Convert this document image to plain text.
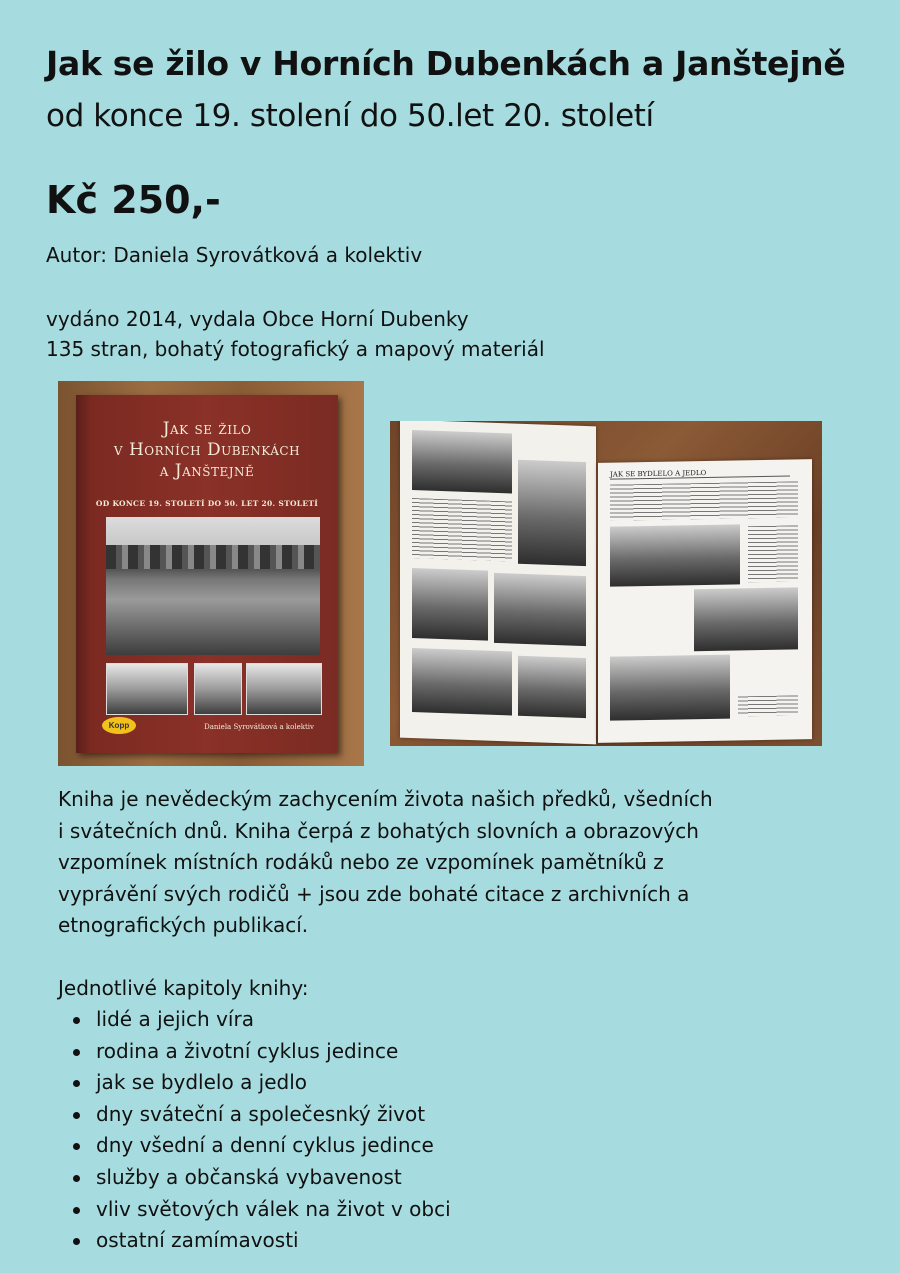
Jak se žilo v Horních Dubenkách a Janštejně

od konce 19. stolení do 50.let 20. století

Kč 250,-

Autor: Daniela Syrovátková a kolektiv

vydáno 2014, vydala Obce Horní Dubenky
135 stran, bohatý fotografický a mapový materiál
Jak se žilo
v Horních Dubenkách
a Janštejně
OD KONCE 19. STOLETÍ DO 50. LET 20. STOLETÍ
Kopp	Daniela Syrovátková a kolektiv
JAK SE BYDLELO A JEDLO
Kniha je nevědeckým zachycením života našich předků, všedních
i svátečních dnů. Kniha čerpá z bohatých slovních a obrazových
vzpomínek místních rodáků nebo ze vzpomínek pamětníků z
vyprávění svých rodičů + jsou zde bohaté citace z archivních a
etnografických publikací.

Jednotlivé kapitoly knihy:

lidé a jejich víra
rodina a životní cyklus jedince
jak se bydlelo a jedlo
dny sváteční a společesnký život
dny všední a denní cyklus jedince
služby a občanská vybavenost
vliv světových válek na život v obci
ostatní zamímavosti
